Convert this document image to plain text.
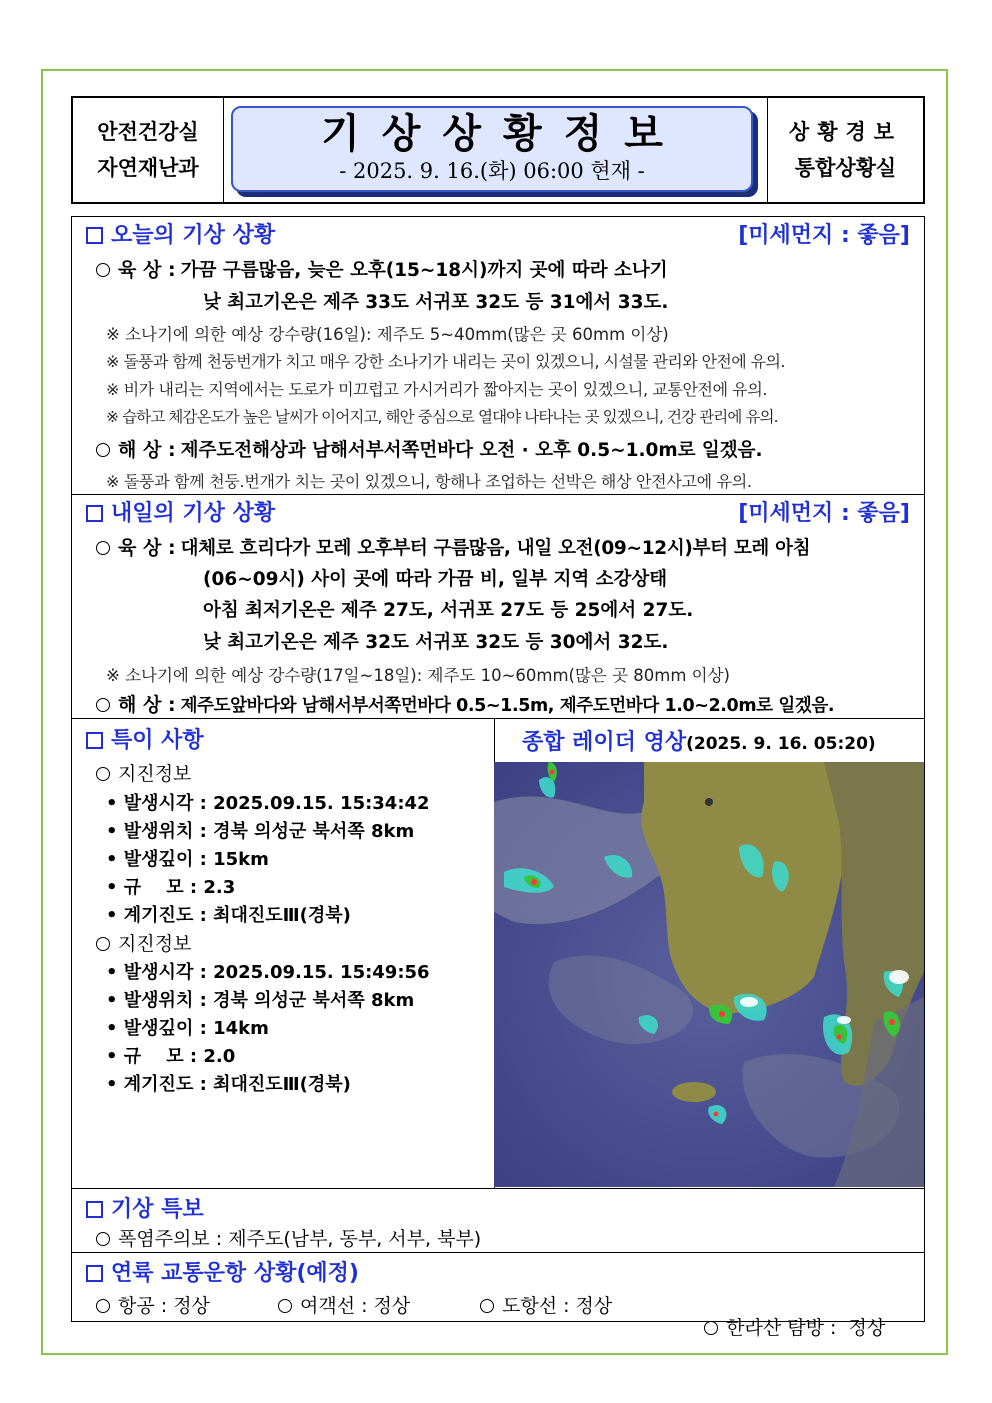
안전건강실
자연재난과
기상상황정보
- 2025. 9. 16.(화) 06:00 현재 -
상황경보
통합상황실
오늘의 기상 상황	[미세먼지 : 좋음]
육 상 : 가끔 구름많음, 늦은 오후(15~18시)까지 곳에 따라 소나기
낮 최고기온은 제주 33도 서귀포 32도 등 31에서 33도.
※ 소나기에 의한 예상 강수량(16일): 제주도 5~40mm(많은 곳 60mm 이상)
※ 돌풍과 함께 천둥번개가 치고 매우 강한 소나기가 내리는 곳이 있겠으니, 시설물 관리와 안전에 유의.
※ 비가 내리는 지역에서는 도로가 미끄럽고 가시거리가 짧아지는 곳이 있겠으니, 교통안전에 유의.
※ 습하고 체감온도가 높은 날씨가 이어지고, 해안 중심으로 열대야 나타나는 곳 있겠으니, 건강 관리에 유의.
해 상 : 제주도전해상과 남해서부서쪽먼바다 오전 · 오후 0.5~1.0m로 일겠음.
※ 돌풍과 함께 천둥.번개가 치는 곳이 있겠으니, 항해나 조업하는 선박은 해상 안전사고에 유의.
내일의 기상 상황	[미세먼지 : 좋음]
육 상 : 대체로 흐리다가 모레 오후부터 구름많음, 내일 오전(09~12시)부터 모레 아침
(06~09시) 사이 곳에 따라 가끔 비, 일부 지역 소강상태
아침 최저기온은 제주 27도, 서귀포 27도 등 25에서 27도.
낮 최고기온은 제주 32도 서귀포 32도 등 30에서 32도.
※ 소나기에 의한 예상 강수량(17일~18일): 제주도 10~60mm(많은 곳 80mm 이상)
해 상 : 제주도앞바다와 남해서부서쪽먼바다 0.5~1.5m, 제주도먼바다 1.0~2.0m로 일겠음.
특이 사항	종합 레이더 영상(2025. 9. 16. 05:20)
지진정보
• 발생시각 : 2025.09.15. 15:34:42
• 발생위치 : 경북 의성군 북서쪽 8km
• 발생깊이 : 15km
• 규    모 : 2.3
• 계기진도 : 최대진도Ⅲ(경북)
지진정보
• 발생시각 : 2025.09.15. 15:49:56
• 발생위치 : 경북 의성군 북서쪽 8km
• 발생깊이 : 14km
• 규    모 : 2.0
• 계기진도 : 최대진도Ⅲ(경북)
기상 특보
폭염주의보 : 제주도(남부, 동부, 서부, 북부)
연륙 교통운항 상황(예정)
항공 : 정상	여객선 : 정상	도항선 : 정상

한라산 탐방 :  정상
